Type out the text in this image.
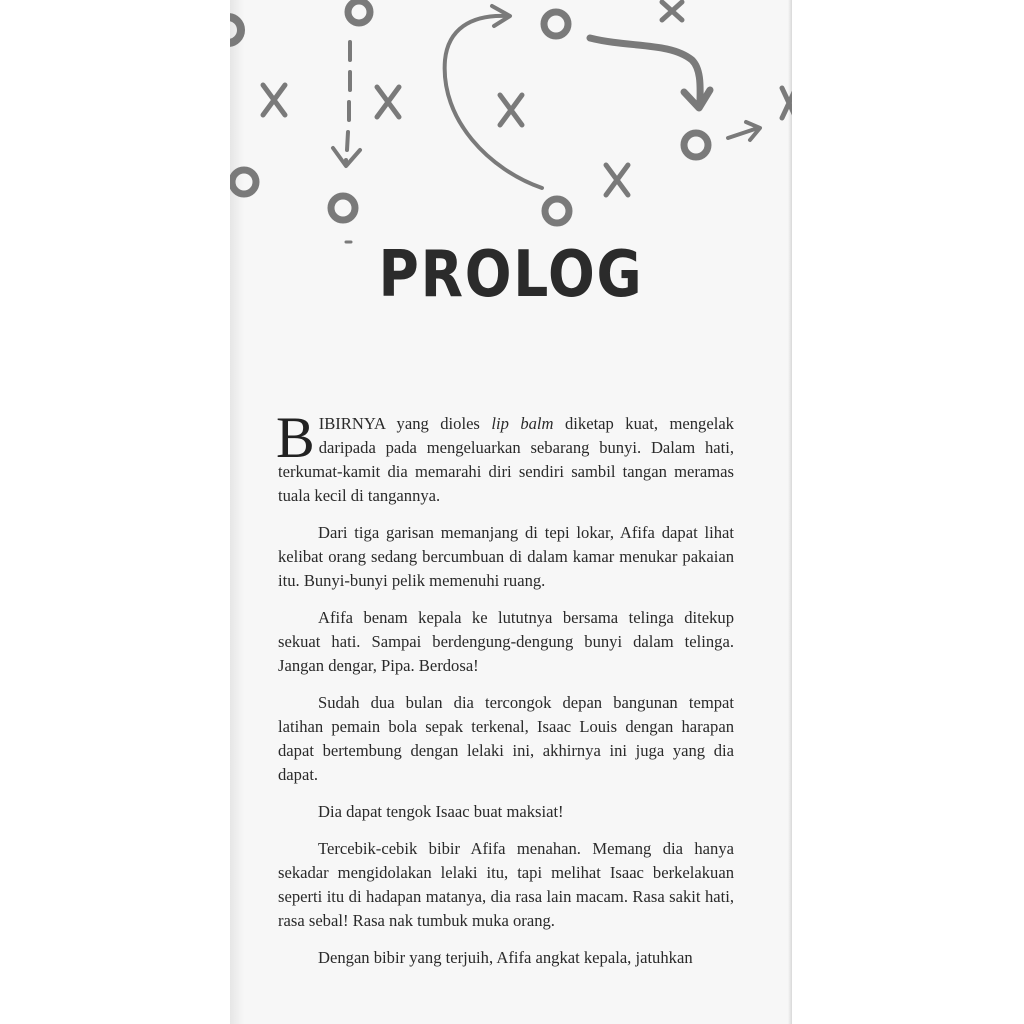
PROLOG

BIBIRNYA yang dioles lip balm diketap kuat, mengelak daripada pada mengeluarkan sebarang bunyi. Dalam hati, terkumat-kamit dia memarahi diri sendiri sambil tangan meramas tuala kecil di tangannya.

Dari tiga garisan memanjang di tepi lokar, Afifa dapat lihat kelibat orang sedang bercumbuan di dalam kamar menukar pakaian itu. Bunyi-bunyi pelik memenuhi ruang.

Afifa benam kepala ke lututnya bersama telinga ditekup sekuat hati. Sampai berdengung-dengung bunyi dalam telinga. Jangan dengar, Pipa. Berdosa!

Sudah dua bulan dia tercongok depan bangunan tempat latihan pemain bola sepak terkenal, Isaac Louis dengan harapan dapat bertembung dengan lelaki ini, akhirnya ini juga yang dia dapat.

Dia dapat tengok Isaac buat maksiat!

Tercebik-cebik bibir Afifa menahan. Memang dia hanya sekadar mengidolakan lelaki itu, tapi melihat Isaac berkelakuan seperti itu di hadapan matanya, dia rasa lain macam. Rasa sakit hati, rasa sebal! Rasa nak tumbuk muka orang.

Dengan bibir yang terjuih, Afifa angkat kepala, jatuhkan
